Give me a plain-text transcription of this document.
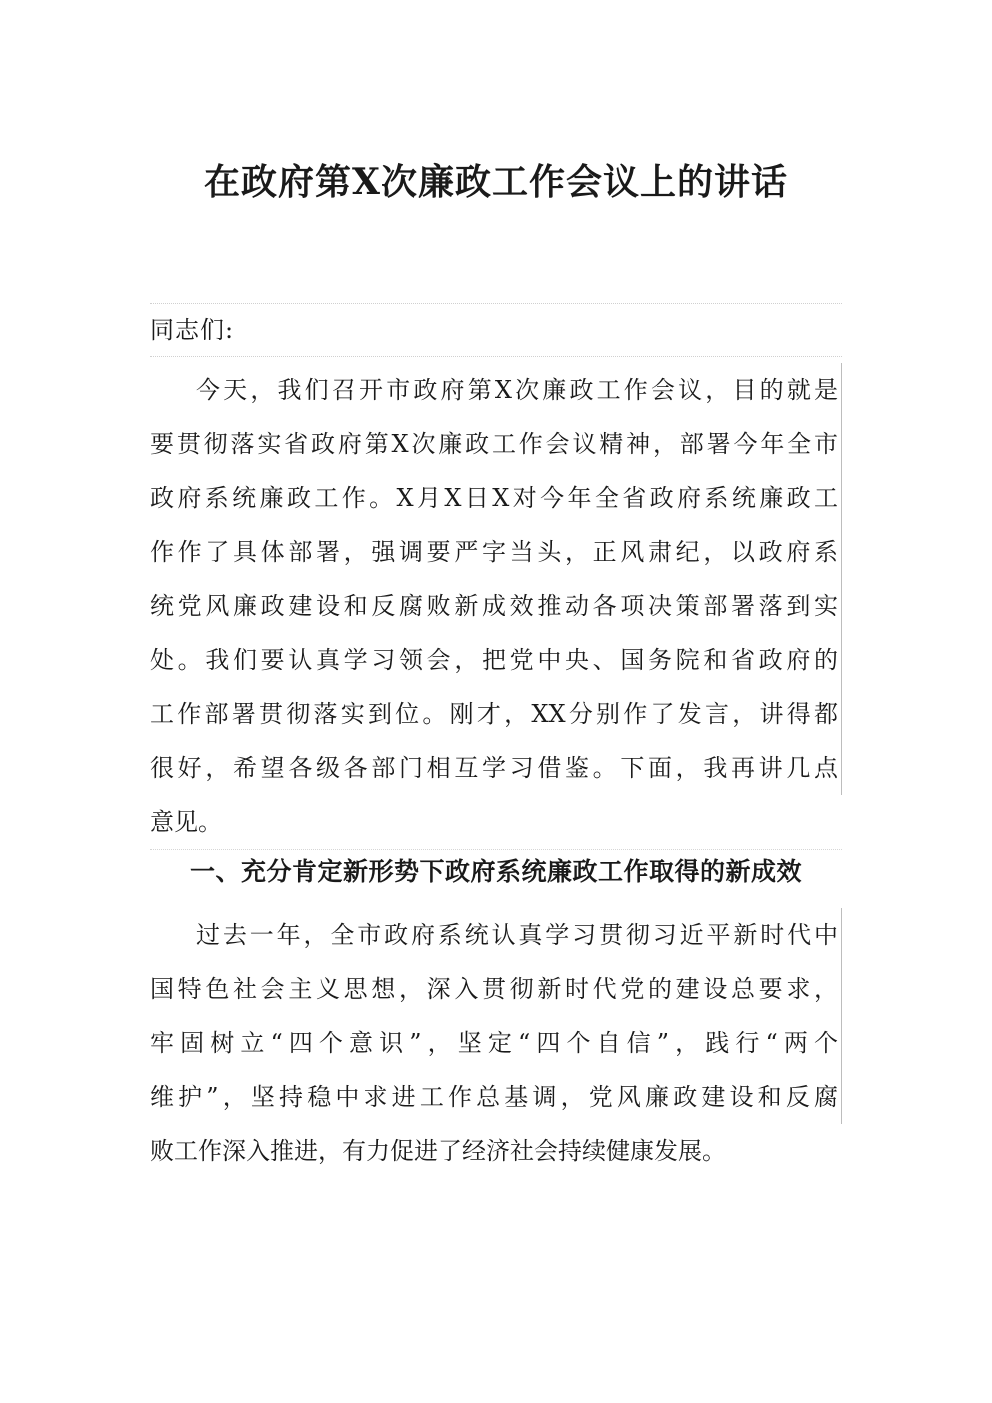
在政府第X次廉政工作会议上的讲话
同志们:
今天，我们召开市政府第X次廉政工作会议，目的就是
要贯彻落实省政府第X次廉政工作会议精神，部署今年全市
政府系统廉政工作。X月X日X对今年全省政府系统廉政工
作作了具体部署，强调要严字当头，正风肃纪，以政府系
统党风廉政建设和反腐败新成效推动各项决策部署落到实
处。我们要认真学习领会，把党中央、国务院和省政府的
工作部署贯彻落实到位。刚才，XX分别作了发言，讲得都
很好，希望各级各部门相互学习借鉴。下面，我再讲几点
意见。
一、充分肯定新形势下政府系统廉政工作取得的新成效
过去一年，全市政府系统认真学习贯彻习近平新时代中
国特色社会主义思想，深入贯彻新时代党的建设总要求，
牢固树立“四个意识”，坚定“四个自信”，践行“两个
维护”，坚持稳中求进工作总基调，党风廉政建设和反腐
败工作深入推进，有力促进了经济社会持续健康发展。
